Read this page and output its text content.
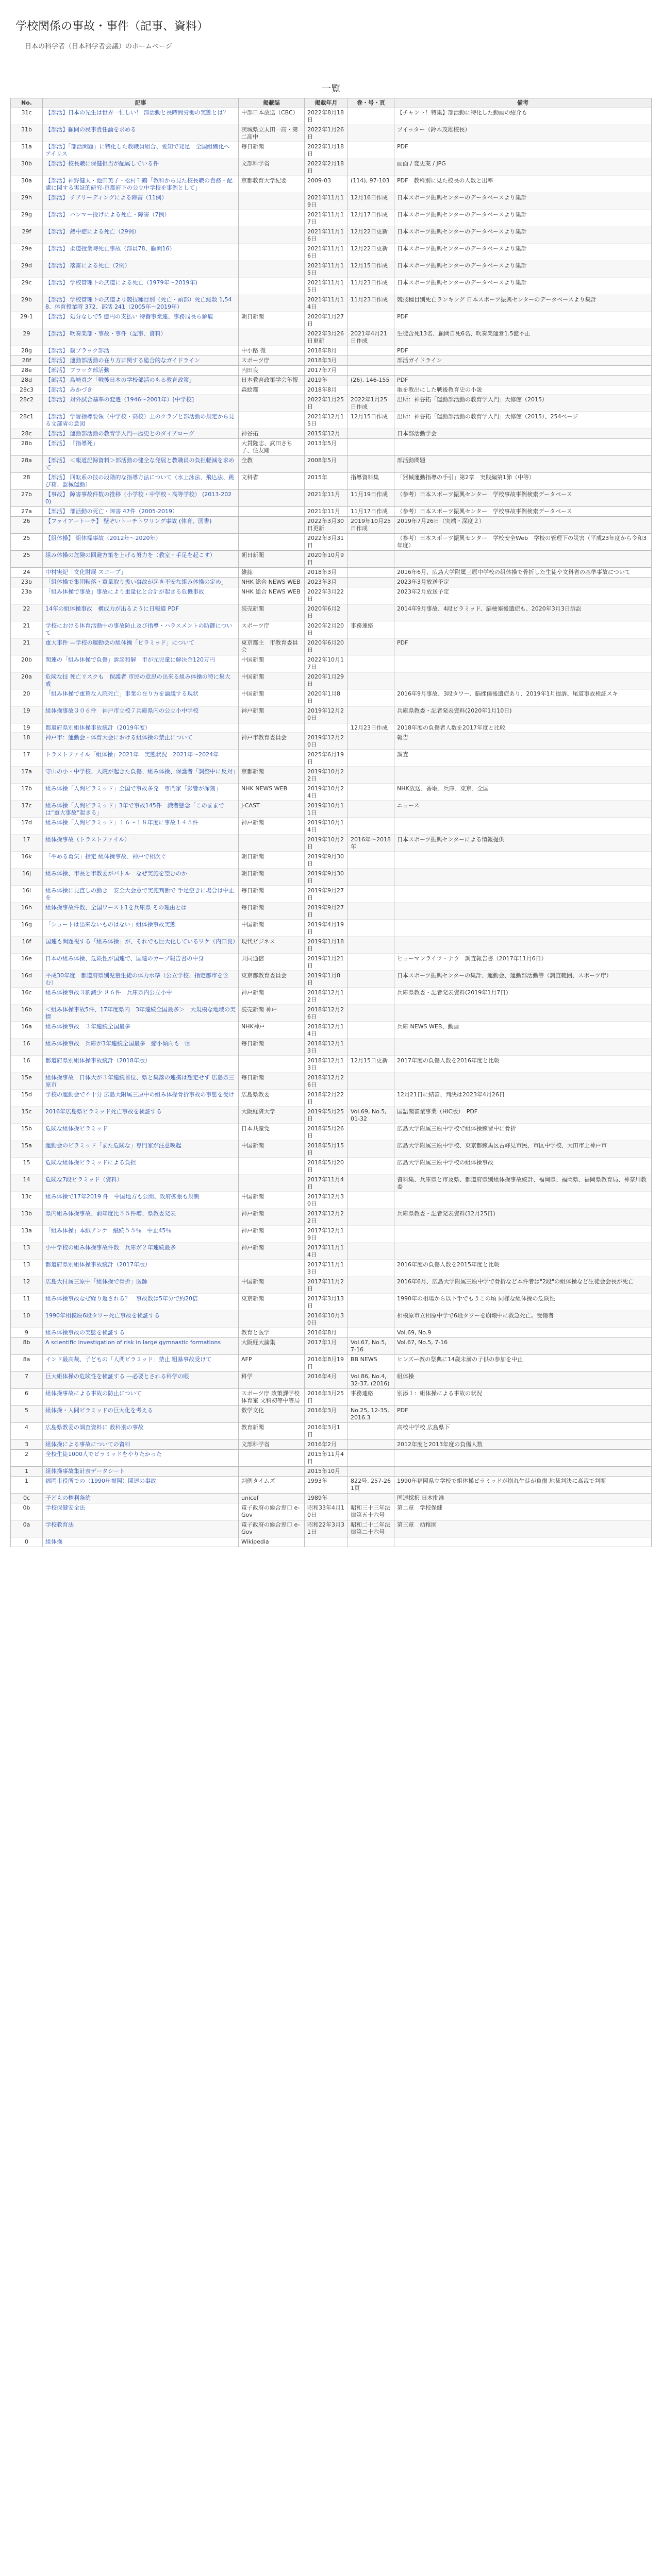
学校関係の事故・事件（記事、資料）
日本の科学者（日本科学者会議）のホームページ
一覧
No.	記事	掲載誌	掲載年月	巻・号・頁	備考
31c	【部活】日本の先生は世界一忙しい！ 部活動と長時間労働の実態とは？	中部日本放送（CBC）	2022年8月18日		【チャント！特集】部活動に特化した動画の紹介も
31b	【部活】顧問の民事責任論を求める	茨城県立太田一高・第二高中	2022年1月26日		ソイッター（鈴木茂雄校長）
31a	【部活】「部活問題」に特化した教職員組合、愛知で発足　全国組織化へ　アイリス	毎日新聞	2022年1月18日		PDF
30b	【部活】校長職に保健担当が配属している件	文部科学省	2022年2月18日		画面 / 変更案 / JPG
30a	【部活】神野健太・池田英子・松村千鶴「教科から見た校長職の責務・配慮に関する実証的研究-京都府下の公立中学校を事例として」	京都教育大学紀要	2009-03	(114), 97-103	PDF　教科別に見た校長の人数と出率
29h	【部活】 チアリーディングによる障害（11例）		2021年11月19日	12月16日作成	日本スポーツ振興センターのデータベースより集計
29g	【部活】 ハンマー投げによる死亡・障害（7例）		2021年11月17日	12月17日作成	日本スポーツ振興センターのデータベースより集計
29f	【部活】 熱中症による死亡（29例）		2021年11月16日	12月22日更新	日本スポーツ振興センターのデータベースより集計
29e	【部活】 柔道授業時死亡事故（部員78、顧問16）		2021年11月16日	12月22日更新	日本スポーツ振興センターのデータベースより集計
29d	【部活】 落雷による死亡（2例）		2021年11月15日	12月15日作成	日本スポーツ振興センターのデータベースより集計
29c	【部活】 学校管理下の武道による死亡（1979年～2019年)		2021年11月15日	11月23日作成	日本スポーツ振興センターのデータベースより集計
29b	【部活】 学校管理下の武道より競技種目別（死亡・頭部）死亡総数 1,548、体育授業時 372、部活 241（2005年～2019年）		2021年11月14日	11月23日作成	競技種目別死亡ランキング 日本スポーツ振興センターのデータベースより集計
29-1	【部活】 処分なしで5 億円の支払い 特養事業連、事務局長ら解雇	朝日新聞	2020年1月27日		PDF
29	【部活】 吹奏楽部・事故・事件（記事、資料）		2022年3月26日更新	2021年4月21日作成	生徒含死13名、顧問自死6名、吹奏楽運営1.5億不正
28g	【部活】 観ブラック部活	中小路 微	2018年8月		PDF
28f	【部活】 運動部活動の在り方に関する総合的なガイドライン	スポーツ庁	2018年3月		部活ガイドライン
28e	【部活】 ブラック部活動	内田良	2017年7月		
28d	【部活】 島崎真之「戦後日本の学校部活のもる教育政策」	日本教育政策学会年報	2019年	(26), 146-155	PDF
28c3	【部活】 みかづき	森絵都	2018年8月		取を教出にした戦後教育史の小説
28c2	【部活】 対外試合基準の変遷（1946〜2001年）[中学校]		2022年1月25日	2022年1月25日作成	出所：神谷拓「運動部活動の教育学入門」大修館（2015）
28c1	【部活】 学習指導要領（中学校・高校）上のクラブと部活動の規定から見る文部省の意図		2021年12月15日	12月15日作成	出所：神谷拓「運動部活動の教育学入門」大修館（2015）、254ページ
28c	【部活】 運動部活動の教育学入門―歴史とのダイアローグ	神谷拓	2015年12月		日本部活動学会
28b	【部活】 『指導死』	大貫隆志、武田さち子、住友剛	2013年5月		
28a	【部活】 ＜報道記録資料＞部活動の健全な発展と教職員の負担軽減を求めて	全教	2008年5月		部活動問題
28	【部活】 回転系の技の段階的な指導方法について（水上泳法、飛込法、跳び箱、器械運動）	文科省	2015年	指導資料集	「器械運動指導の手引」第2章　実践編第1節（中等）
27b	【事故】 障害事故件数の推移（小学校・中学校・高等学校） (2013-2020)		2021年11月	11月19日作成	（参考）日本スポーツ振興センター　学校事故事例検索データベース
27a	【部活】 部活動の死亡・障害 47件（2005-2019）		2021年11月	11月17日作成	（参考）日本スポーツ振興センター　学校事故事例検索データベース
26	【ファイアートーチ】 壁ぞいトーチトワリング事故 (体育、図書)		2022年3月30日更新	2019年10月25日作成	2019年7月26日（突端・深度２）
25	【組体操】 組体操事故（2012年〜2020年）		2022年3月31日		（参考）日本スポーツ振興センター　学校安全Web　学校の管理下の災害（平成23年度から令和3年度）
25	組み体操の危険の回避方策を上げる努力を（教室・手足を起こす）	朝日新聞	2020年10月9日		
24	中村実紀「文化財展 スコープ」	雑誌	2018年3月		2016年6月、広島大学附属三原中学校の組体操で骨折した生徒や文科省の基準事故について
23b	「組体操で集団転落・重量取り扱い事故が起き不安な組み体操の定め」	NHK 総合 NEWS WEB	2023年3月		2023年3月放送予定
23a	「組み体操で事故」事故により重量化と合計が起きる危機事故	NHK 総合 NEWS WEB	2022年3月22日		2023年2月放送予定
22	14年の組体操事故　構成力が出るように日報道 PDF	読売新聞	2020年6月2日		2014年9月事故、4段ピラミッド、脳梗塞後遺症も、2020年3月3日訴訟
21	学校における体育活動中の事故防止及び指導・ハラスメントの防御について	スポーツ庁	2020年2月20日	事務連絡	
21	重大事件 —学校の運動会の組体操「ピラミッド」について	東京都主　市教育委員会	2020年6月20日		PDF
20b	関連の「組み体操で負傷」訴訟和解　市が元児童に解決金120万円	中国新聞	2022年10月17日		
20a	危険な技 死亡リスクも　保護者 市民の意思の出来る組み体操の特に集大成	中国新聞	2020年1月29日		
20	「組み体操で重篤な入院死亡」事業の在り方を論議する現状	中国新聞	2020年1月8日		2016年9月事故、3段タワー、脳挫傷後遺症あり、2019年1月提訴、尾道事故検証スキ
19	組体操事故３０６件　神戸市立校７兵庫県内の公立小中学校	神戸新聞	2019年12月20日		兵庫県教委・記者発表資料(2020年1月10日)
19	都道府県別組体操事故統計（2019年度）			12月23日作成	2018年度の負傷者人数を2017年度と比較
18	神戸市：運動会・体育大会における組体操の禁止について	神戸市教育委員会	2019年12月20日		報告
17	トラストファイル「組体操」2021年　実態状況　2021年～2024年		2025年6月19日		調査
17a	守山の小・中学校、入院が起きた負傷、組み体操、保護者「調整中に反対」	京都新聞	2019年10月22日		
17b	組み体操「人間ピラミッド」全国で事故多発　専門家「影響が深刻」	NHK NEWS WEB	2019年10月24日		NHK放送、香取、兵庫、東京、全国
17c	組み体操「人間ピラミッド」3年で事故145件　識者懸念「このままでは“重大事故”起きる」	J-CAST	2019年10月11日		ニュース
17d	組み体操「人間ピラミッド」１６〜１８年度に事故１４５件	神戸新聞	2019年10月14日		
17	組体操事故（トラストファイル）一		2019年10月2日	2016年〜2018年	日本スポーツ振興センターによる情報提供
16k	「やめる勇気」指定 組体操事故、神戸で相次ぐ	朝日新聞	2019年9月30日		
16j	組み体操、市長と市教委がバトル　なぜ実施を望むのか	朝日新聞	2019年9月30日		
16i	組み体操に見直しの動き　安全大会意で実施判断で 手足空きに場合は中止を	毎日新聞	2019年9月27日		
16h	組体操事故件数、全国ワースト1を兵庫県 その理由とは	毎日新聞	2019年9月27日		
16g	「ショートは出来ないものはない」組体操事故実態	中国新聞	2019年4月19日		
16f	国連も問題視する「組み体操」が、それでも巨大化しているワケ（内田良）	現代ビジネス	2019年1月18日		
16e	日本の組み体操、危険性が国連で、国連のカーブ報告書の中身	共同通信	2019年1月21日		ヒューマンライツ・ナウ　調査報告書（2017年11月6日）
16d	平成30年度　都道府県別児童生徒の体力水準（公立学校、指定都市を含む）	東京都教育委員会	2019年1月8日		日本スポーツ振興センターの集計、運動会、運動部活動等（調査範囲、スポーツ庁）
16c	組み体操事故３割減少 ８６件　兵庫県内公立小中	神戸新聞	2018年12月12日		兵庫県教委・記者発表資料(2019年1月7日)
16b	＜組み体操事故5件、17年度県内　3年連続全国最多＞　大規模な地域の実情	読売新聞 神戸	2018年12月26日		
16a	組み体操事故　３年連続全国最多	NHK神戸	2018年12月14日		兵庫 NEWS WEB、動画
16	組み体操事故　兵庫が3年連続全国最多　縮小傾向も一因	毎日新聞	2018年12月13日		
16	都道府県別組体操事故統計（2018年版）		2018年12月13日	12月15日更新	2017年度の負傷人数を2016年度と比較
15e	組体操事故　日体大が３年連続首位、県と集落の連携は想定せず 広島県三原市	毎日新聞	2018年12月26日		
15d	学校の運動会で不十分 広島大附属三原中の組み体操骨折事故の事態を受け	広島県教委	2018年2月22日		12月21日に結審、判決は2023年4月26日
15c	2016年広島県ピラミッド死亡事故を検証する	大阪経済大学	2019年5月25日	Vol.69, No.5, 01-32	国語聞審業事業（HIC版）　PDF
15b	危険な組体操ピラミッド	日本共産党	2018年5月26日		広島大学附属三原中学校で組体操練習中に骨折
15a	運動会のピラミッド「また危険な」専門家が注意喚起	中国新聞	2018年5月15日		広島大学附属三原中学校、東京都練馬区古峰見市民、市区中学校、大田市上神戸市
15	危険な組体操ピラミッドによる負担		2018年5月20日		広島大学附属三原中学校の組体操事故
14	危険な7段ピラミッド（資料）		2017年11月4日		資料集、兵庫県と市及県、都道府県別組体操事故統計、福岡県、福岡県、福岡県教育局、神奈川教委
13c	組み体操で17年2019 件　中国地方も公開、政府拡張も規制	中国新聞	2017年12月30日		
13b	県内組み体操事故、前年度比５５件増、県教委発表	神戸新聞	2017年12月22日		兵庫県教委・記者発表資料(12月25日)
13a	「組み体操」本紙アンケ　継続５５％　中止45％	神戸新聞	2017年12月19日		
13	小中学校の組み体操事故件数　兵庫が２年連続最多	神戸新聞	2017年11月14日		
13	都道府県別組体操事故統計（2017年版）		2017年11月13日		2016年度の負傷人数を2015年度と比較
12	広島大付属三原中「組体操で骨折」医師	中国新聞	2017年11月2日		2016年6月、広島大学附属三原中学で骨折など本件者は"2段"の組体操など生徒会会長が死亡
11	組み体操事故なぜ繰り返される？　事故数は5年分で約20倍	東京新聞	2017年3月13日		1990年の相場から以下手でもうこの頃 同様な組体操の危険性
10	1990年相模原6段タワー死亡事故を検証する		2016年10月30日		相模原市立相原中学で6段タワーを崩壊中に救急死亡。受傷者
9	組み体操事故の実態を検証する	教育と医学	2016年8月		Vol.69, No.9
8b	A scientific investigation of risk in large gymnastic formations	大阪経大論集	2017年1月	Vol.67, No.5, 7-16	Vol.67, No.5, 7-16
8a	インド最高裁、子どもの「人間ピラミッド」禁止 粗暴事故受けて	AFP	2016年8月19日	BB NEWS	ヒンズー教の祭典に14歳未満の子供の参加を中止
7	巨大組体操の危険性を検証する ―必要とされる科学の眼	科学	2016年4月	Vol.86, No.4, 32-37, (2016)	組体操
6	組体操事故による事故の防止について	スポーツ庁 政策課学校体育室 文科初等中等局	2016年3月25日	事務連絡	別添１：組体操による事故の状況
5	組体操・人間ピラミッドの巨大化を考える	数学文化	2016年3月	No.25, 12-35, 2016.3	PDF
4	広島県教委の調査資料に 教科別の事故	教育新聞	2016年3月1日		高校中学校 広島県下
3	組体操による事故についての資料	文部科学省	2016年2月		2012年度と2013年度の負傷人数
2	全校生徒1000人でピラミッドをやりたかった		2015年11月4日		
1	組体操事故集計表データシート		2015年10月		
1	福岡市役所での（1990年福岡）関連の事故	判例タイムズ	1993年	822号, 257-261頁	1990年福岡県立学校で組体操ピラミッドが崩れ生徒が負傷 地裁判決に高裁で判断
0c	子どもの権利条約	unicef	1989年		国連採択 日本批准
0b	学校保健安全法	電子政府の総合窓口 e-Gov	昭和33年4月10日	昭和三十三年法律第五十六号	第二章　学校保健
0a	学校教育法	電子政府の総合窓口 e-Gov	昭和22年3月31日	昭和二十二年法律第二十六号	第三章　幼稚園
0	組体操	Wikipedia			
